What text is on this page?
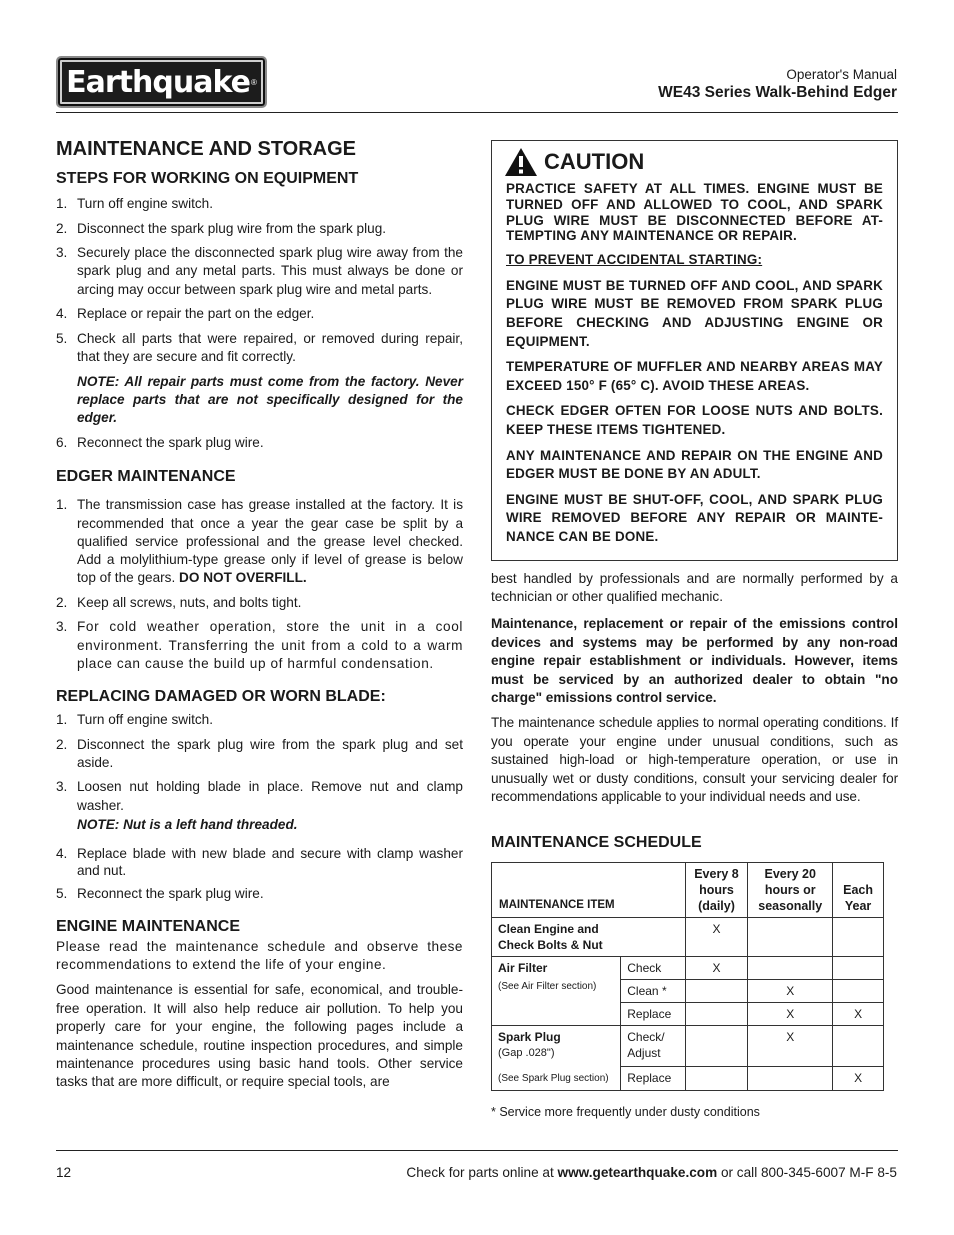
Earthquake ®	Operator's Manual
WE43 Series Walk-Behind Edger
MAINTENANCE AND STORAGE
STEPS FOR WORKING ON EQUIPMENT
1. Turn off engine switch.
2. Disconnect the spark plug wire from the spark plug.
3. Securely place the disconnected spark plug wire away from the spark plug and any metal parts. This must always be done or arcing may occur between spark plug wire and metal parts.
4. Replace or repair the part on the edger.
5. Check all parts that were repaired, or removed during repair, that they are secure and fit correctly.
NOTE: All repair parts must come from the factory. Never replace parts that are not specifically designed for the edger.
6. Reconnect the spark plug wire.
EDGER MAINTENANCE
1. The transmission case has grease installed at the factory. It is recommended that once a year the gear case be split by a qualified service professional and the grease level checked. Add a molylithium-type grease only if level of grease is below top of the gears. DO NOT OVERFILL.
2. Keep all screws, nuts, and bolts tight.
3. For cold weather operation, store the unit in a cool environment. Transferring the unit from a cold to a warm place can cause the build up of harmful condensation.
REPLACING DAMAGED OR WORN BLADE:
1. Turn off engine switch.
2. Disconnect the spark plug wire from the spark plug and set aside.
3. Loosen nut holding blade in place. Remove nut and clamp washer.
NOTE: Nut is a left hand threaded.
4. Replace blade with new blade and secure with clamp washer and nut.
5. Reconnect the spark plug wire.
ENGINE MAINTENANCE

Please read the maintenance schedule and observe these recommendations to extend the life of your engine.

Good maintenance is essential for safe, economical, and trouble-free operation. It will also help reduce air pollution. To help you properly care for your engine, the following pages include a maintenance schedule, routine inspection procedures, and simple maintenance procedures using basic hand tools. Other service tasks that are more difficult, or require special tools, are

CAUTION

PRACTICE SAFETY AT ALL TIMES. ENGINE MUST BE TURNED OFF AND ALLOWED TO COOL, AND SPARK PLUG WIRE MUST BE DISCONNECTED BEFORE AT-TEMPTING ANY MAINTENANCE OR REPAIR.

TO PREVENT ACCIDENTAL STARTING:

ENGINE MUST BE TURNED OFF AND COOL, AND SPARK PLUG WIRE MUST BE REMOVED FROM SPARK PLUG BEFORE CHECKING AND ADJUSTING ENGINE OR EQUIPMENT.

TEMPERATURE OF MUFFLER AND NEARBY AREAS MAY EXCEED 150° F (65° C). AVOID THESE AREAS.

CHECK EDGER OFTEN FOR LOOSE NUTS AND BOLTS. KEEP THESE ITEMS TIGHTENED.

ANY MAINTENANCE AND REPAIR ON THE ENGINE AND EDGER MUST BE DONE BY AN ADULT.

ENGINE MUST BE SHUT-OFF, COOL, AND SPARK PLUG WIRE REMOVED BEFORE ANY REPAIR OR MAINTE-NANCE CAN BE DONE.

best handled by professionals and are normally performed by a technician or other qualified mechanic.

Maintenance, replacement or repair of the emissions control devices and systems may be performed by any non-road engine repair establishment or individuals. However, items must be serviced by an authorized dealer to obtain "no charge" emissions control service.

The maintenance schedule applies to normal operating conditions. If you operate your engine under unusual conditions, such as sustained high-load or high-temperature operation, or use in unusually wet or dusty conditions, consult your servicing dealer for recommendations applicable to your individual needs and use.

MAINTENANCE SCHEDULE
MAINTENANCE ITEM		Every 8 hours (daily)	Every 20 hours or seasonally	Each Year
Clean Engine and Check Bolts & Nut		X		

Air Filter
(See Air Filter section)	Check	X		
	Clean *		X	
	Replace		X	X

Spark Plug
(Gap .028")
(See Spark Plug section)	Check/ Adjust		X	
	Replace			X
* Service more frequently under dusty conditions
12	Check for parts online at www.getearthquake.com or call 800-345-6007 M-F 8-5
